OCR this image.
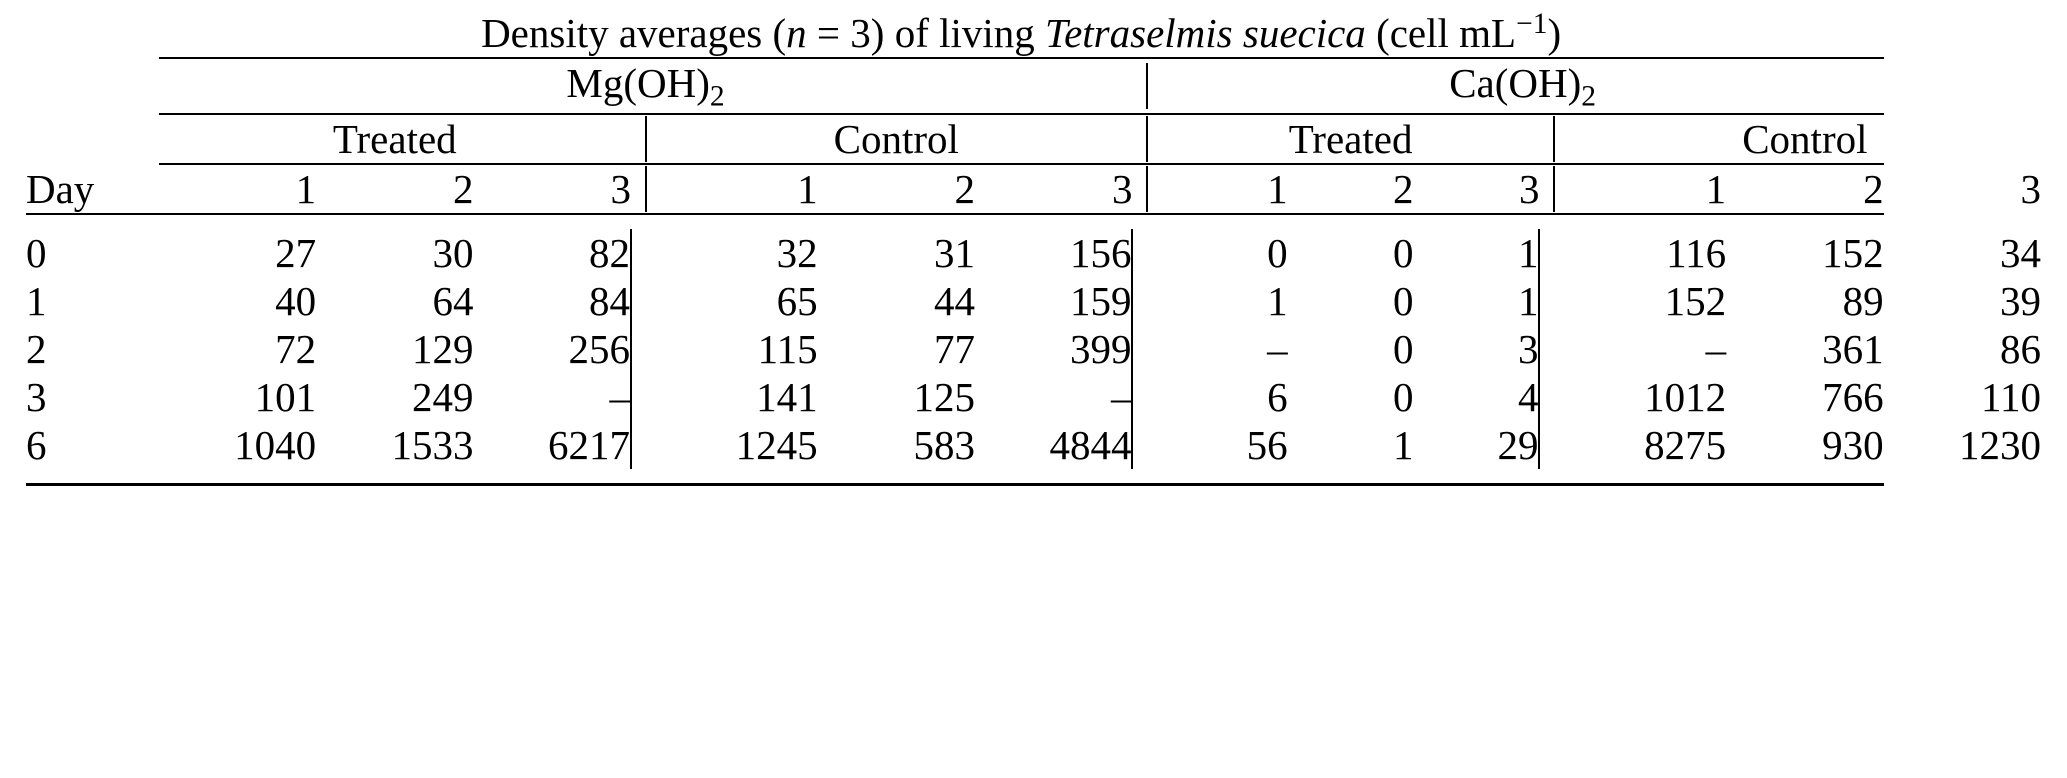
	Density averages (n = 3) of living Tetraselmis suecica (cell $mL^{-1}$)														

	$Mg(OH)_2$								$Ca(OH)_2$

	Treated				Control				Treated				Control		

Day	1	2	3		1	2	3		1	2	3		1	2	3

0	27	30	82		32	31	156		0	0	1		116	152	34
1	40	64	84		65	44	159		1	0	1		152	89	39
2	72	129	256		115	77	399		–	0	3		–	361	86
3	101	249	–		141	125	–		6	0	4		1012	766	110
6	1040	1533	6217		1245	583	4844		56	1	29		8275	930	1230
